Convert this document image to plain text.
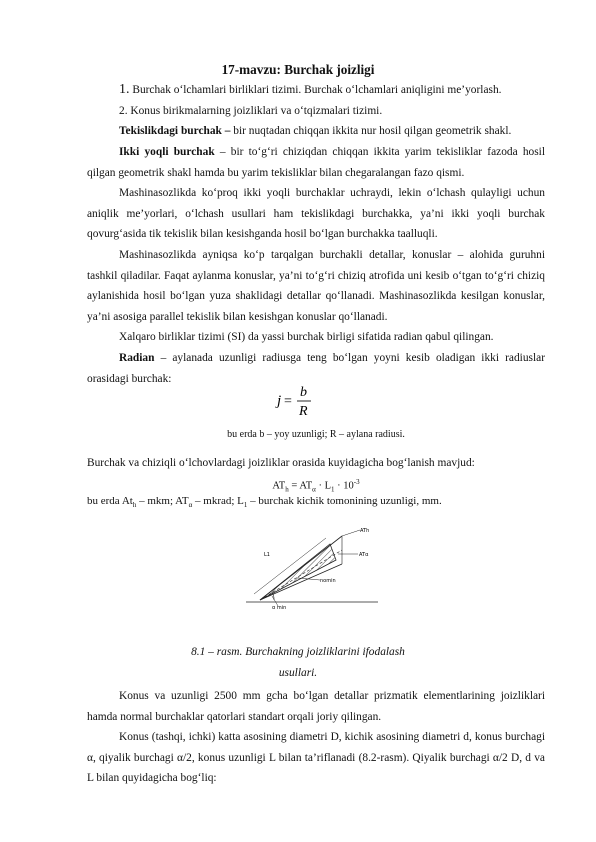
17-mavzu: Burchak joizligi

1. Burchak o‘lchamlari birliklari tizimi. Burchak o‘lchamlari aniqligini me’yorlash.

2. Konus birikmalarning joizliklari va o‘tqizmalari tizimi.

Tekislikdagi burchak – bir nuqtadan chiqqan ikkita nur hosil qilgan geometrik shakl.

Ikki yoqli burchak – bir to‘g‘ri chiziqdan chiqqan ikkita yarim tekisliklar fazoda hosil qilgan geometrik shakl hamda bu yarim tekisliklar bilan chegaralangan fazo qismi.

Mashinasozlikda ko‘proq ikki yoqli burchaklar uchraydi, lekin o‘lchash qulayligi uchun aniqlik me’yorlari, o‘lchash usullari ham tekislikdagi burchakka, ya’ni ikki yoqli burchak qovurg‘asida tik tekislik bilan kesishganda hosil bo‘lgan burchakka taalluqli.

Mashinasozlikda ayniqsa ko‘p tarqalgan burchakli detallar, konuslar – alohida guruhni tashkil qiladilar. Faqat aylanma konuslar, ya’ni to‘g‘ri chiziq atrofida uni kesib o‘tgan to‘g‘ri chiziq aylanishida hosil bo‘lgan yuza shaklidagi detallar qo‘llanadi. Mashinasozlikda kesilgan konuslar, ya’ni asosiga parallel tekislik bilan kesishgan konuslar qo‘llanadi.

Xalqaro birliklar tizimi (SI) da yassi burchak birligi sifatida radian qabul qilingan.

Radian – aylanada uzunligi radiusga teng bo‘lgan yoyni kesib oladigan ikki radiuslar orasidagi burchak:

j =
b
R

bu erda b – yoy uzunligi; R – aylana radiusi.

Burchak va chiziqli o‘lchovlardagi joizliklar orasida kuyidagicha bog‘lanish mavjud:

$AT_h = AT_\alpha \cdot L_1 \cdot 10^{-3}$

bu erda $At_h$ – mkm; $AT_\alpha$ – mkrad; $L_1$ – burchak kichik tomonining uzunligi, mm.

ATh
L1	ATα
nomin
α min
8.1 – rasm. Burchakning joizliklarini ifodalash
usullari.

Konus va uzunligi 2500 mm gcha bo‘lgan detallar prizmatik elementlarining joizliklari hamda normal burchaklar qatorlari standart orqali joriy qilingan.

Konus (tashqi, ichki) katta asosining diametri D, kichik asosining diametri d, konus burchagi α, qiyalik burchagi α/2, konus uzunligi L bilan ta’riflanadi (8.2-rasm). Qiyalik burchagi α/2 D, d va L bilan quyidagicha bog‘liq:
